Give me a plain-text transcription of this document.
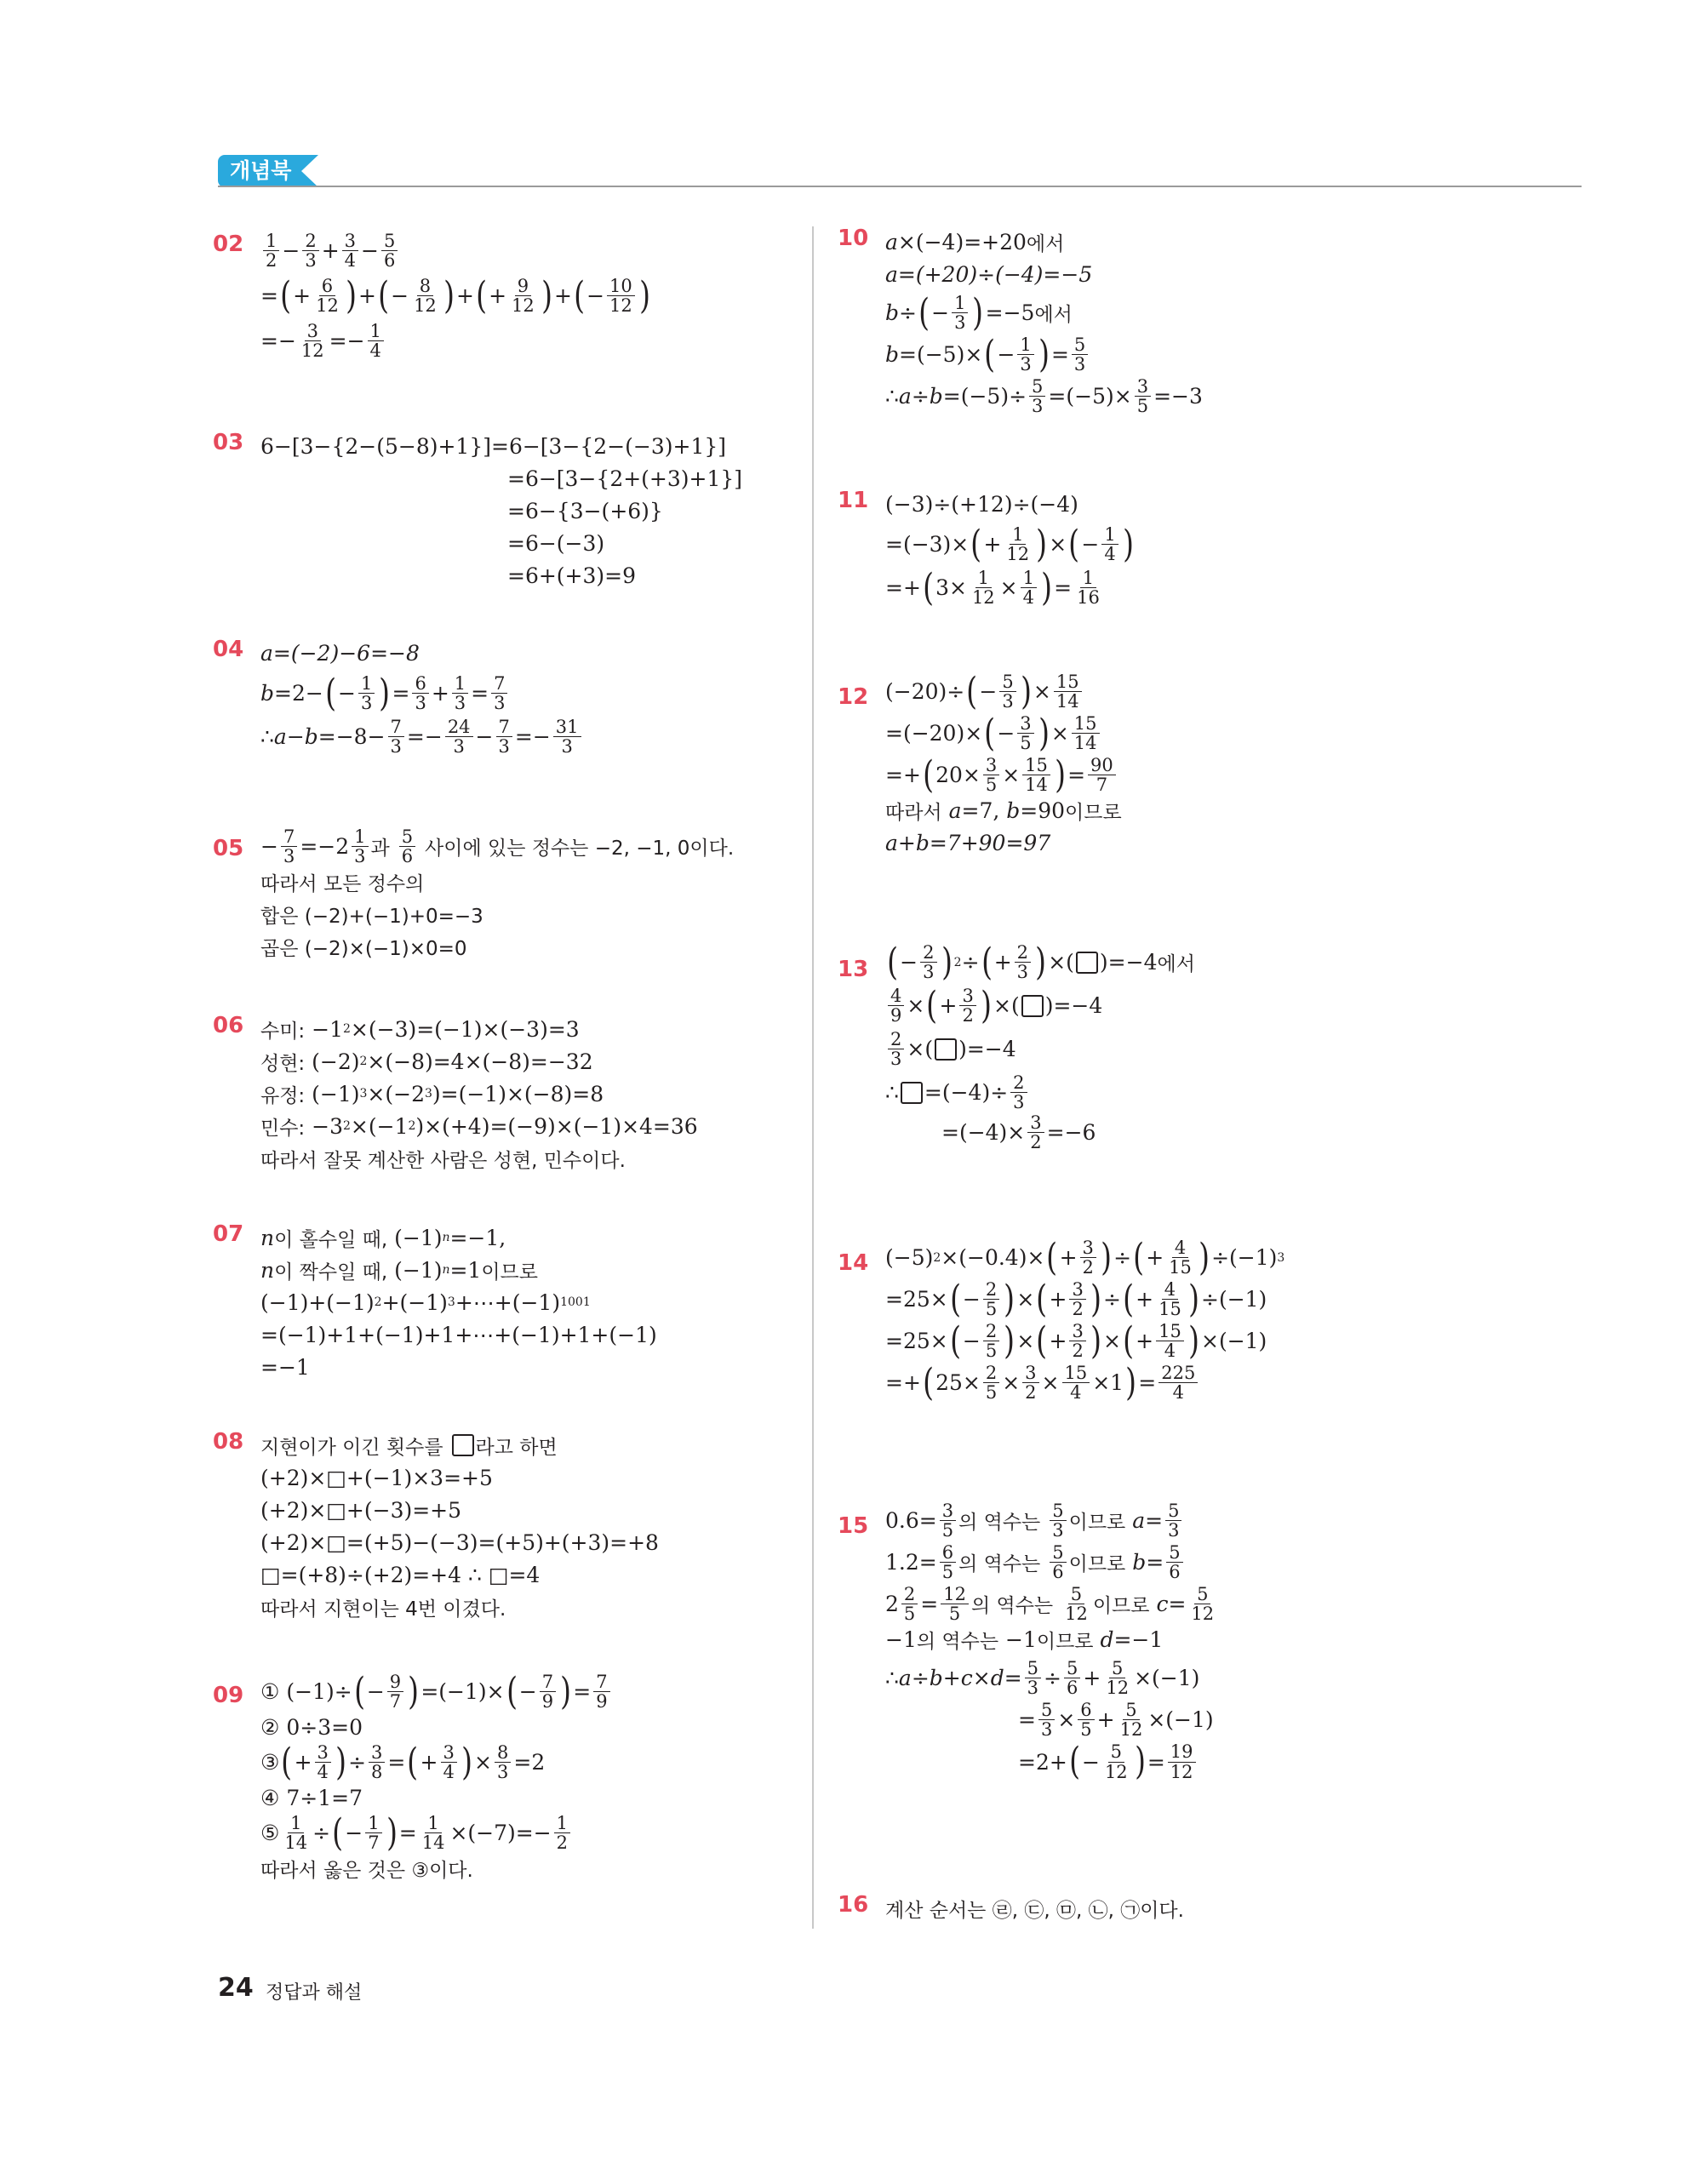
개념북
02	$\frac{1}{2} - \frac{2}{3} + \frac{3}{4} - \frac{5}{6}$
= ( + $\frac{6}{12}$ ) + ( − $\frac{8}{12}$ ) + ( + $\frac{9}{12}$ ) + ( − $\frac{10}{12}$ )
=− $\frac{3}{12} =- \frac{1}{4}$
03 6−[3−{2−(5−8)+1}]=6−[3−{2−(−3)+1}]
=6−[3−{2+(+3)+1}]
=6−{3−(+6)}
=6−(−3)
=6+(+3)=9
04 a=(−2)−6=−8
b =2− ( − $\frac{1}{3}$ ) = $\frac{6}{3} + \frac{1}{3} = \frac{7}{3}$
∴ $a - b =-8- \frac{7}{3} =- \frac{24}{3} - \frac{7}{3} =- \frac{31}{3}$
$05 - \frac{7}{3} =-2 \frac{1}{3}$ 과
$\frac{5}{6}$
사이에 있는 정수는 −2, −1, 0이다.
따라서 모든 정수의
합은 (−2)+(−1)+0=−3
곱은 (−2)×(−1)×0=0
06 수미: −1 2 ×(−3)=(−1)×(−3)=3
성현: (−2) 2 ×(−8)=4×(−8)=−32
유정: (−1) 3 ×(−2 3 )=(−1)×(−8)=8
민수: −3 2 ×(−1 2 )×(+4)=(−9)×(−1)×4=36
따라서 잘못 계산한 사람은 성현, 민수이다.
07 n 이 홀수일 때, (−1) n =−1,
n 이 짝수일 때, (−1) n =1 이므로
(−1)+(−1) 2 +(−1) 3 +⋯+(−1) 1001
=(−1)+1+(−1)+1+⋯+(−1)+1+(−1)
=−1
08 지현이가 이긴 횟수를
라고 하면
(+2)×□+(−1)×3=+5
(+2)×□+(−3)=+5
(+2)×□=(+5)−(−3)=(+5)+(+3)=+8
□=(+8)÷(+2)=+4 ∴ □=4
따라서 지현이는 4번 이겼다.
09 ① (−1)÷ ( − $\frac{9}{7}$ ) =(−1)× ( − $\frac{7}{9}$ ) = $\frac{7}{9}$
② 0÷3=0
③ ( + $\frac{3}{4}$ ) ÷ $\frac{3}{8}$ = ( + $\frac{3}{4}$ ) × $\frac{8}{3} =2$
④ 7÷1=7
⑤ $\frac{1}{14}$ ÷ ( − $\frac{1}{7}$ ) = $\frac{1}{14} \times(-7)=- \frac{1}{2}$
따라서 옳은 것은 ③이다.
10 a ×(−4)=+20 에서
a=(+20)÷(−4)=−5
b ÷ ( − $\frac{1}{3}$ ) =−5 에서
b =(−5)× ( − $\frac{1}{3}$ ) = $\frac{5}{3}$
∴ $a \div b =(-5)\div \frac{5}{3} =(-5)\times \frac{3}{5} =-3$
11 (−3)÷(+12)÷(−4)
=(−3)× ( + $\frac{1}{12}$ ) × ( − $\frac{1}{4}$ )
=+ ( $3\times \frac{1}{12} \times \frac{1}{4}$ ) = $\frac{1}{16}$
12 (−20)÷ ( − $\frac{5}{3}$ ) × $\frac{15}{14}$
=(−20)× ( − $\frac{3}{5}$ ) × $\frac{15}{14}$
=+ ( $20\times \frac{3}{5} \times \frac{15}{14}$ ) = $\frac{90}{7}$
따라서
a =7, b =90 이므로
a+b=7+90=97
13 ( − $\frac{2}{3}$ ) 2 ÷ ( + $\frac{2}{3}$ ) ×( )=−4 에서
$\frac{4}{9}$ × ( + $\frac{3}{2}$ ) ×( )=−4
$\frac{2}{3}$ ×( )=−4
∴
$=(-4)\div \frac{2}{3}$
$=(-4)\times \frac{3}{2} =-6$
14 (−5) 2 ×(−0.4)× ( + $\frac{3}{2}$ ) ÷ ( + $\frac{4}{15}$ ) ÷(−1) 3
=25× ( − $\frac{2}{5}$ ) × ( + $\frac{3}{2}$ ) ÷ ( + $\frac{4}{15}$ ) ÷(−1)
=25× ( − $\frac{2}{5}$ ) × ( + $\frac{3}{2}$ ) × ( + $\frac{15}{4}$ ) ×(−1)
=+ ( $25\times \frac{2}{5} \times \frac{3}{2} \times \frac{15}{4} \times 1$ ) = $\frac{225}{4}$
15 $0.6= \frac{3}{5}$ 의 역수는
$\frac{5}{3}$ 이므로
$a = \frac{5}{3}$
$1.2= \frac{6}{5}$ 의 역수는
$\frac{5}{6}$ 이므로
$b = \frac{5}{6}$
$2 \frac{2}{5} = \frac{12}{5}$ 의 역수는
$\frac{5}{12}$ 이므로
$c = \frac{5}{12}$
−1 의 역수는 −1 이므로
d =−1
∴ $a \div b + c \times d = \frac{5}{3} \div \frac{5}{6} + \frac{5}{12} \times(-1)$
= $\frac{5}{3} \times \frac{6}{5} + \frac{5}{12} \times(-1)$
=2+ ( − $\frac{5}{12}$ ) = $\frac{19}{12}$
16 계산 순서는 ㉣, ㉢, ㉤, ㉡, ㉠이다.
24 정답과 해설
